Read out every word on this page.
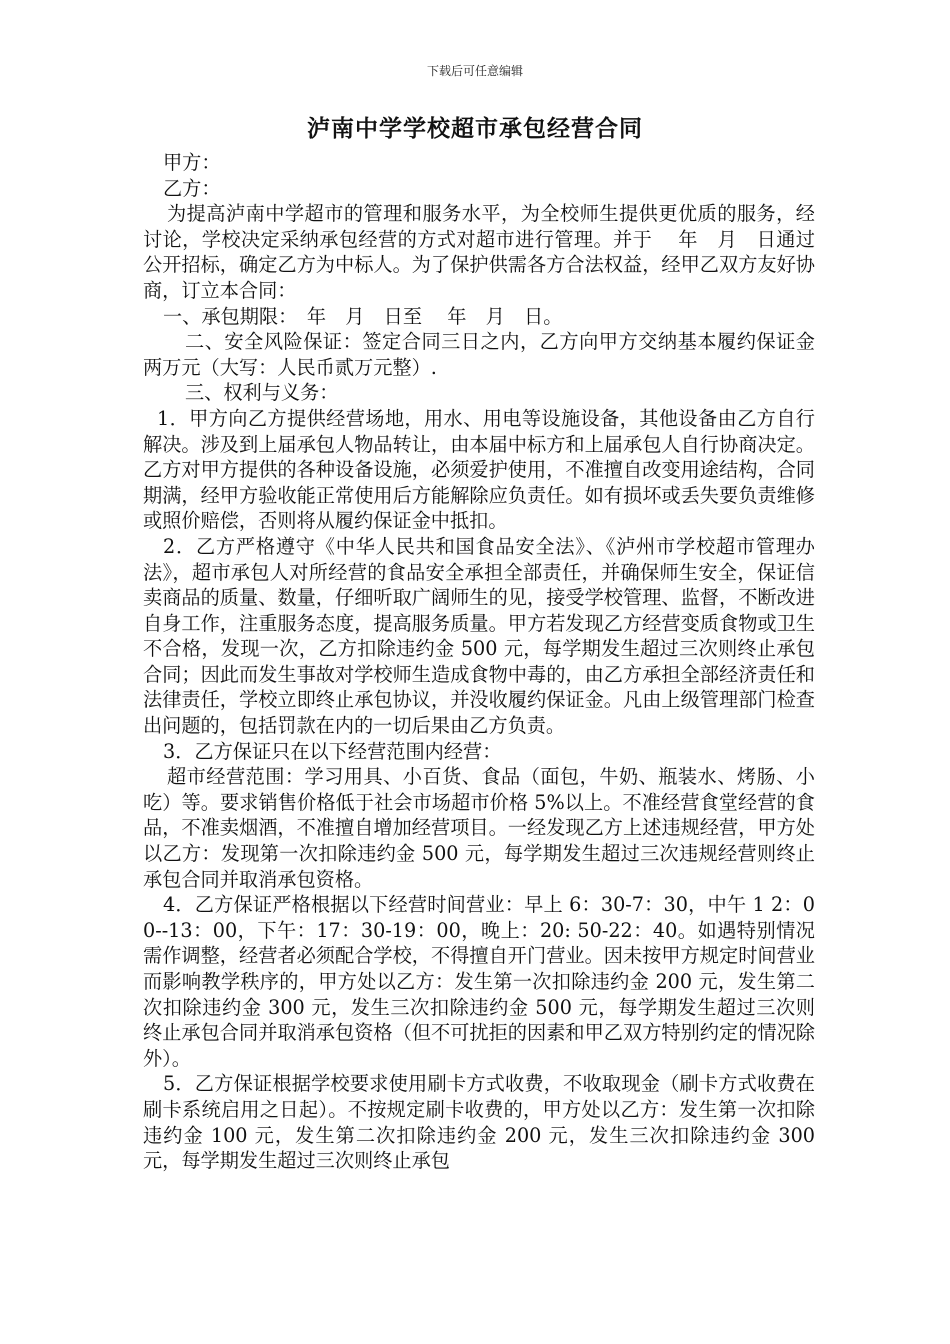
下载后可任意编辑
泸南中学学校超市承包经营合同

甲方：

乙方：

为提高泸南中学超市的管理和服务水平，为全校师生提供更优质的服务，经讨论，学校决定采纳承包经营的方式对超市进行管理。并于　 年　月　日通过公开招标，确定乙方为中标人。为了保护供需各方合法权益，经甲乙双方友好协商，订立本合同：

一、承包期限：　年　月　日至　 年　月　日。

二、安全风险保证：签定合同三日之内，乙方向甲方交纳基本履约保证金两万元（大写：人民币贰万元整）.

三、权利与义务：

1．甲方向乙方提供经营场地，用水、用电等设施设备，其他设备由乙方自行解决。涉及到上届承包人物品转让，由本届中标方和上届承包人自行协商决定。乙方对甲方提供的各种设备设施，必须爱护使用，不准擅自改变用途结构，合同期满，经甲方验收能正常使用后方能解除应负责任。如有损坏或丢失要负责维修或照价赔偿，否则将从履约保证金中抵扣。

2．乙方严格遵守《中华人民共和国食品安全法》、《泸州市学校超市管理办法》，超市承包人对所经营的食品安全承担全部责任，并确保师生安全，保证信卖商品的质量、数量，仔细听取广阔师生的见，接受学校管理、监督，不断改进自身工作，注重服务态度，提高服务质量。甲方若发现乙方经营变质食物或卫生不合格，发现一次，乙方扣除违约金 500 元，每学期发生超过三次则终止承包合同；因此而发生事故对学校师生造成食物中毒的，由乙方承担全部经济责任和法律责任，学校立即终止承包协议，并没收履约保证金。凡由上级管理部门检查出问题的，包括罚款在内的一切后果由乙方负责。

3．乙方保证只在以下经营范围内经营：

超市经营范围：学习用具、小百货、食品（面包，牛奶、瓶装水、烤肠、小吃）等。要求销售价格低于社会市场超市价格 5%以上。不准经营食堂经营的食品，不准卖烟酒，不准擅自增加经营项目。一经发现乙方上述违规经营，甲方处以乙方：发现第一次扣除违约金 500 元，每学期发生超过三次违规经营则终止承包合同并取消承包资格。

4．乙方保证严格根据以下经营时间营业：早上 6：30-7：30，中午 1 2：00--13：00，下午：17：30-19：00，晚上：20: 50-22：40。如遇特别情况需作调整，经营者必须配合学校，不得擅自开门营业。因未按甲方规定时间营业而影响教学秩序的，甲方处以乙方：发生第一次扣除违约金 200 元，发生第二次扣除违约金 300 元，发生三次扣除违约金 500 元，每学期发生超过三次则终止承包合同并取消承包资格（但不可扰拒的因素和甲乙双方特别约定的情况除外）。

5．乙方保证根据学校要求使用刷卡方式收费，不收取现金（刷卡方式收费在刷卡系统启用之日起）。不按规定刷卡收费的，甲方处以乙方：发生第一次扣除违约金 100 元，发生第二次扣除违约金 200 元，发生三次扣除违约金 300 元，每学期发生超过三次则终止承包
